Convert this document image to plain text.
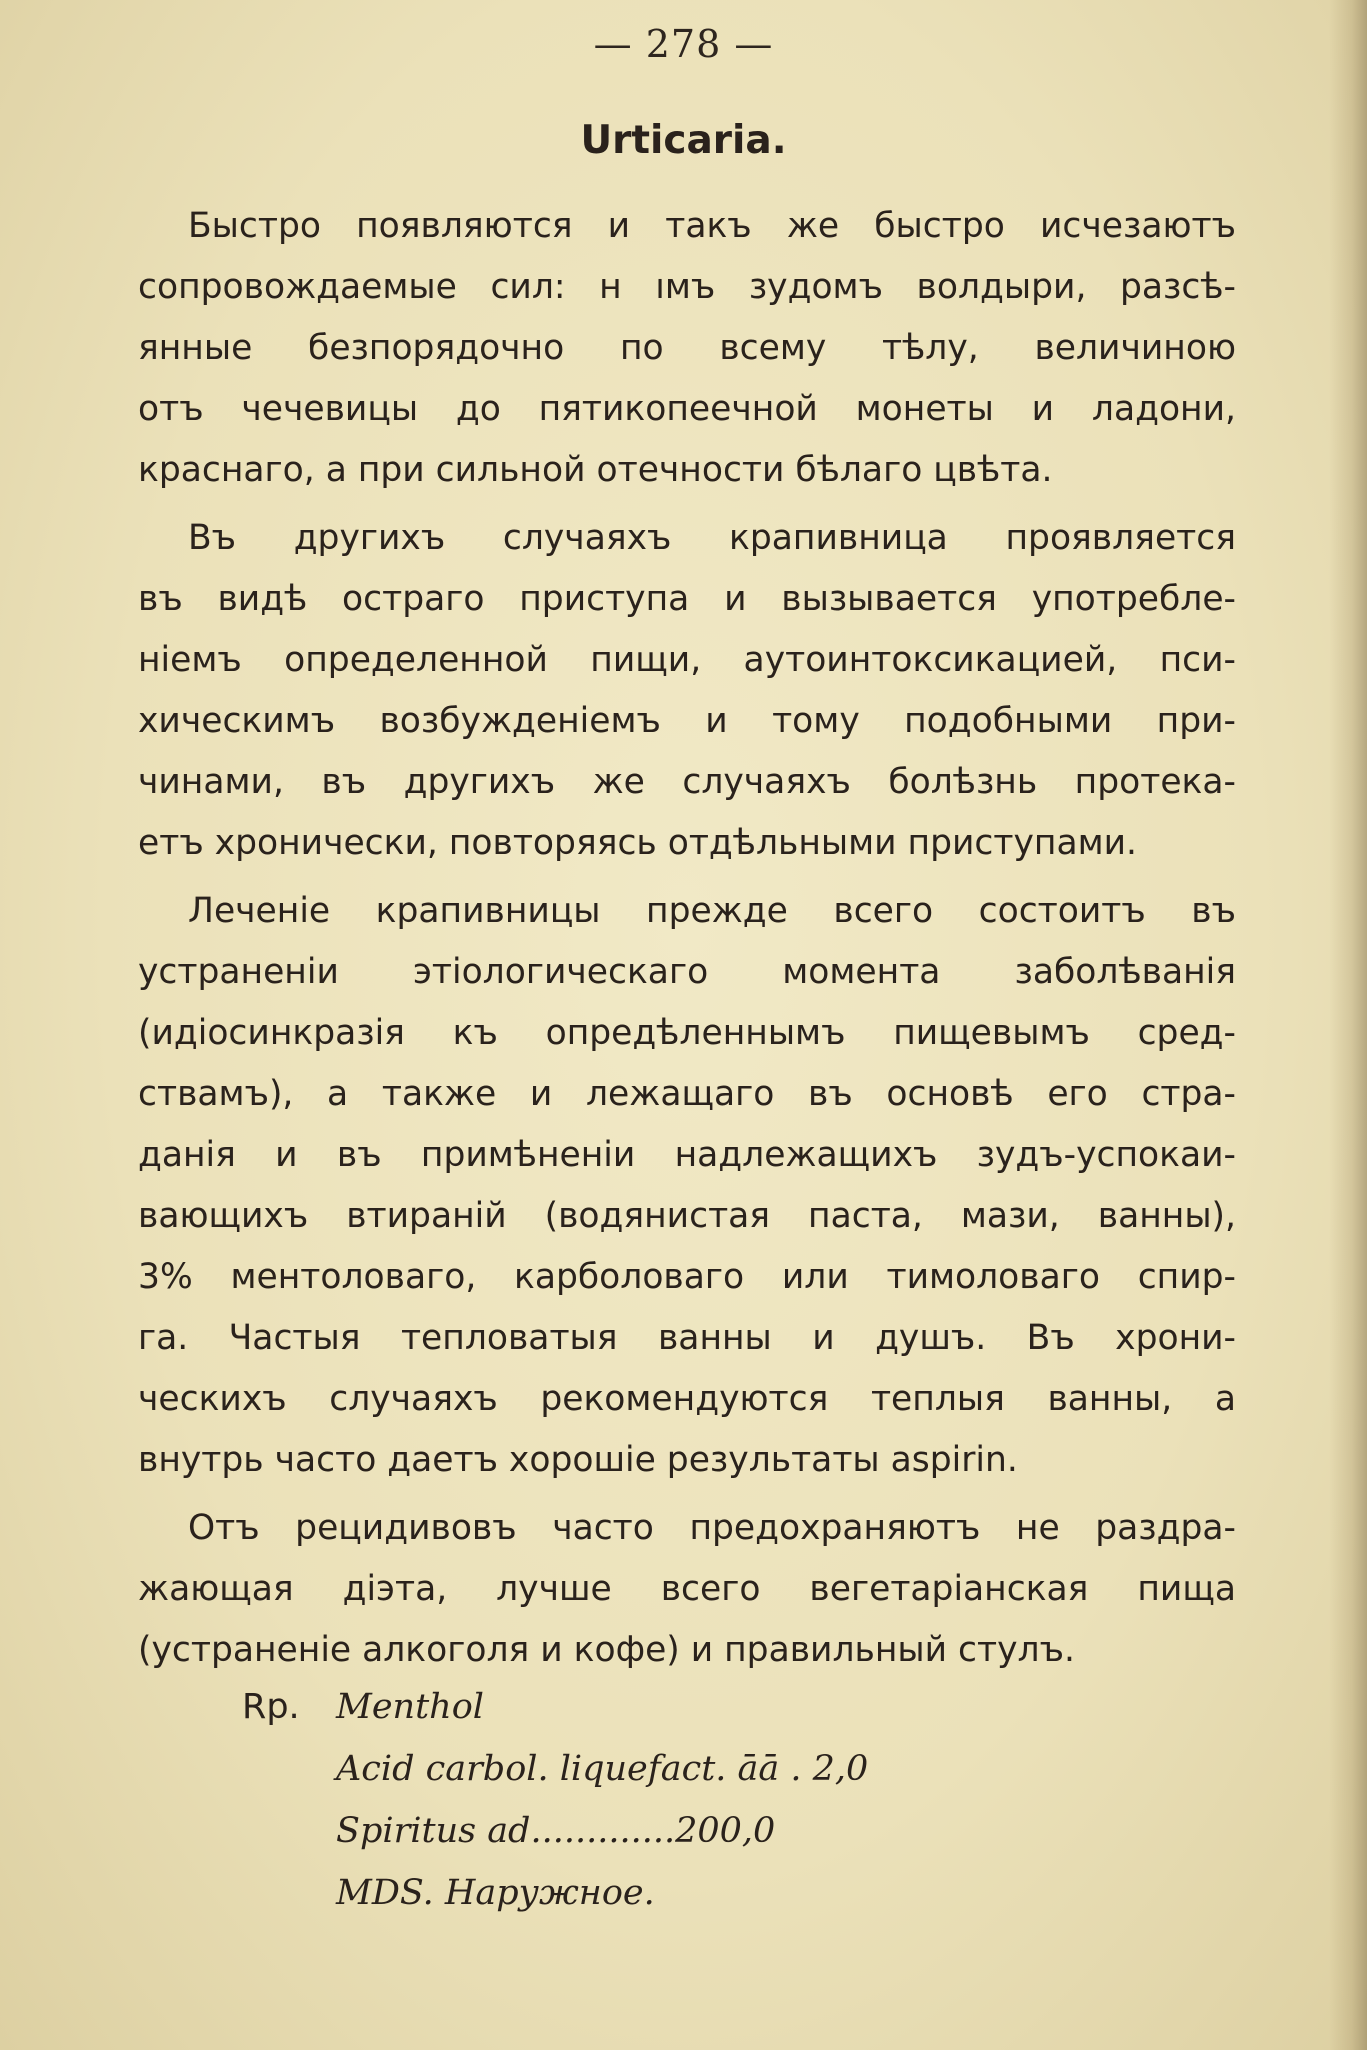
— 278 —
Urticaria.
Быстро появляются и такъ же быстро исчезаютъ
сопровождаемые сил: н ıмъ зудомъ волдыри, разсѣ-
янные безпорядочно по всему тѣлу, величиною
отъ чечевицы до пятикопеечной монеты и ладони,
краснаго, а при сильной отечности бѣлаго цвѣта.
Въ другихъ случаяхъ крапивница проявляется
въ видѣ остраго приступа и вызывается употребле-
ніемъ определенной пищи, аутоинтоксикацией, пси-
хическимъ возбужденіемъ и тому подобными при-
чинами, въ другихъ же случаяхъ болѣзнь протека-
етъ хронически, повторяясь отдѣльными приступами.
Леченіе крапивницы прежде всего состоитъ въ
устраненіи этіологическаго момента заболѣванія
(идіосинкразія къ опредѣленнымъ пищевымъ сред-
ствамъ), а также и лежащаго въ основѣ его стра-
данія и въ примѣненіи надлежащихъ зудъ-успокаи-
вающихъ втираній (водянистая паста, мази, ванны),
3% ментоловаго, карболоваго или тимоловаго спир-
га. Частыя тепловатыя ванны и душъ. Въ хрони-
ческихъ случаяхъ рекомендуются теплыя ванны, а
внутрь часто даетъ хорошіе результаты aspirin.
Отъ рецидивовъ часто предохраняютъ не раздра-
жающая діэта, лучше всего вегетаріанская пища
(устраненіе алкоголя и кофе) и правильный стулъ.
Rp. Menthol
Acid carbol. liquefact. āā . 2,0
Spiritus ad.............200,0
MDS. Наружное.
